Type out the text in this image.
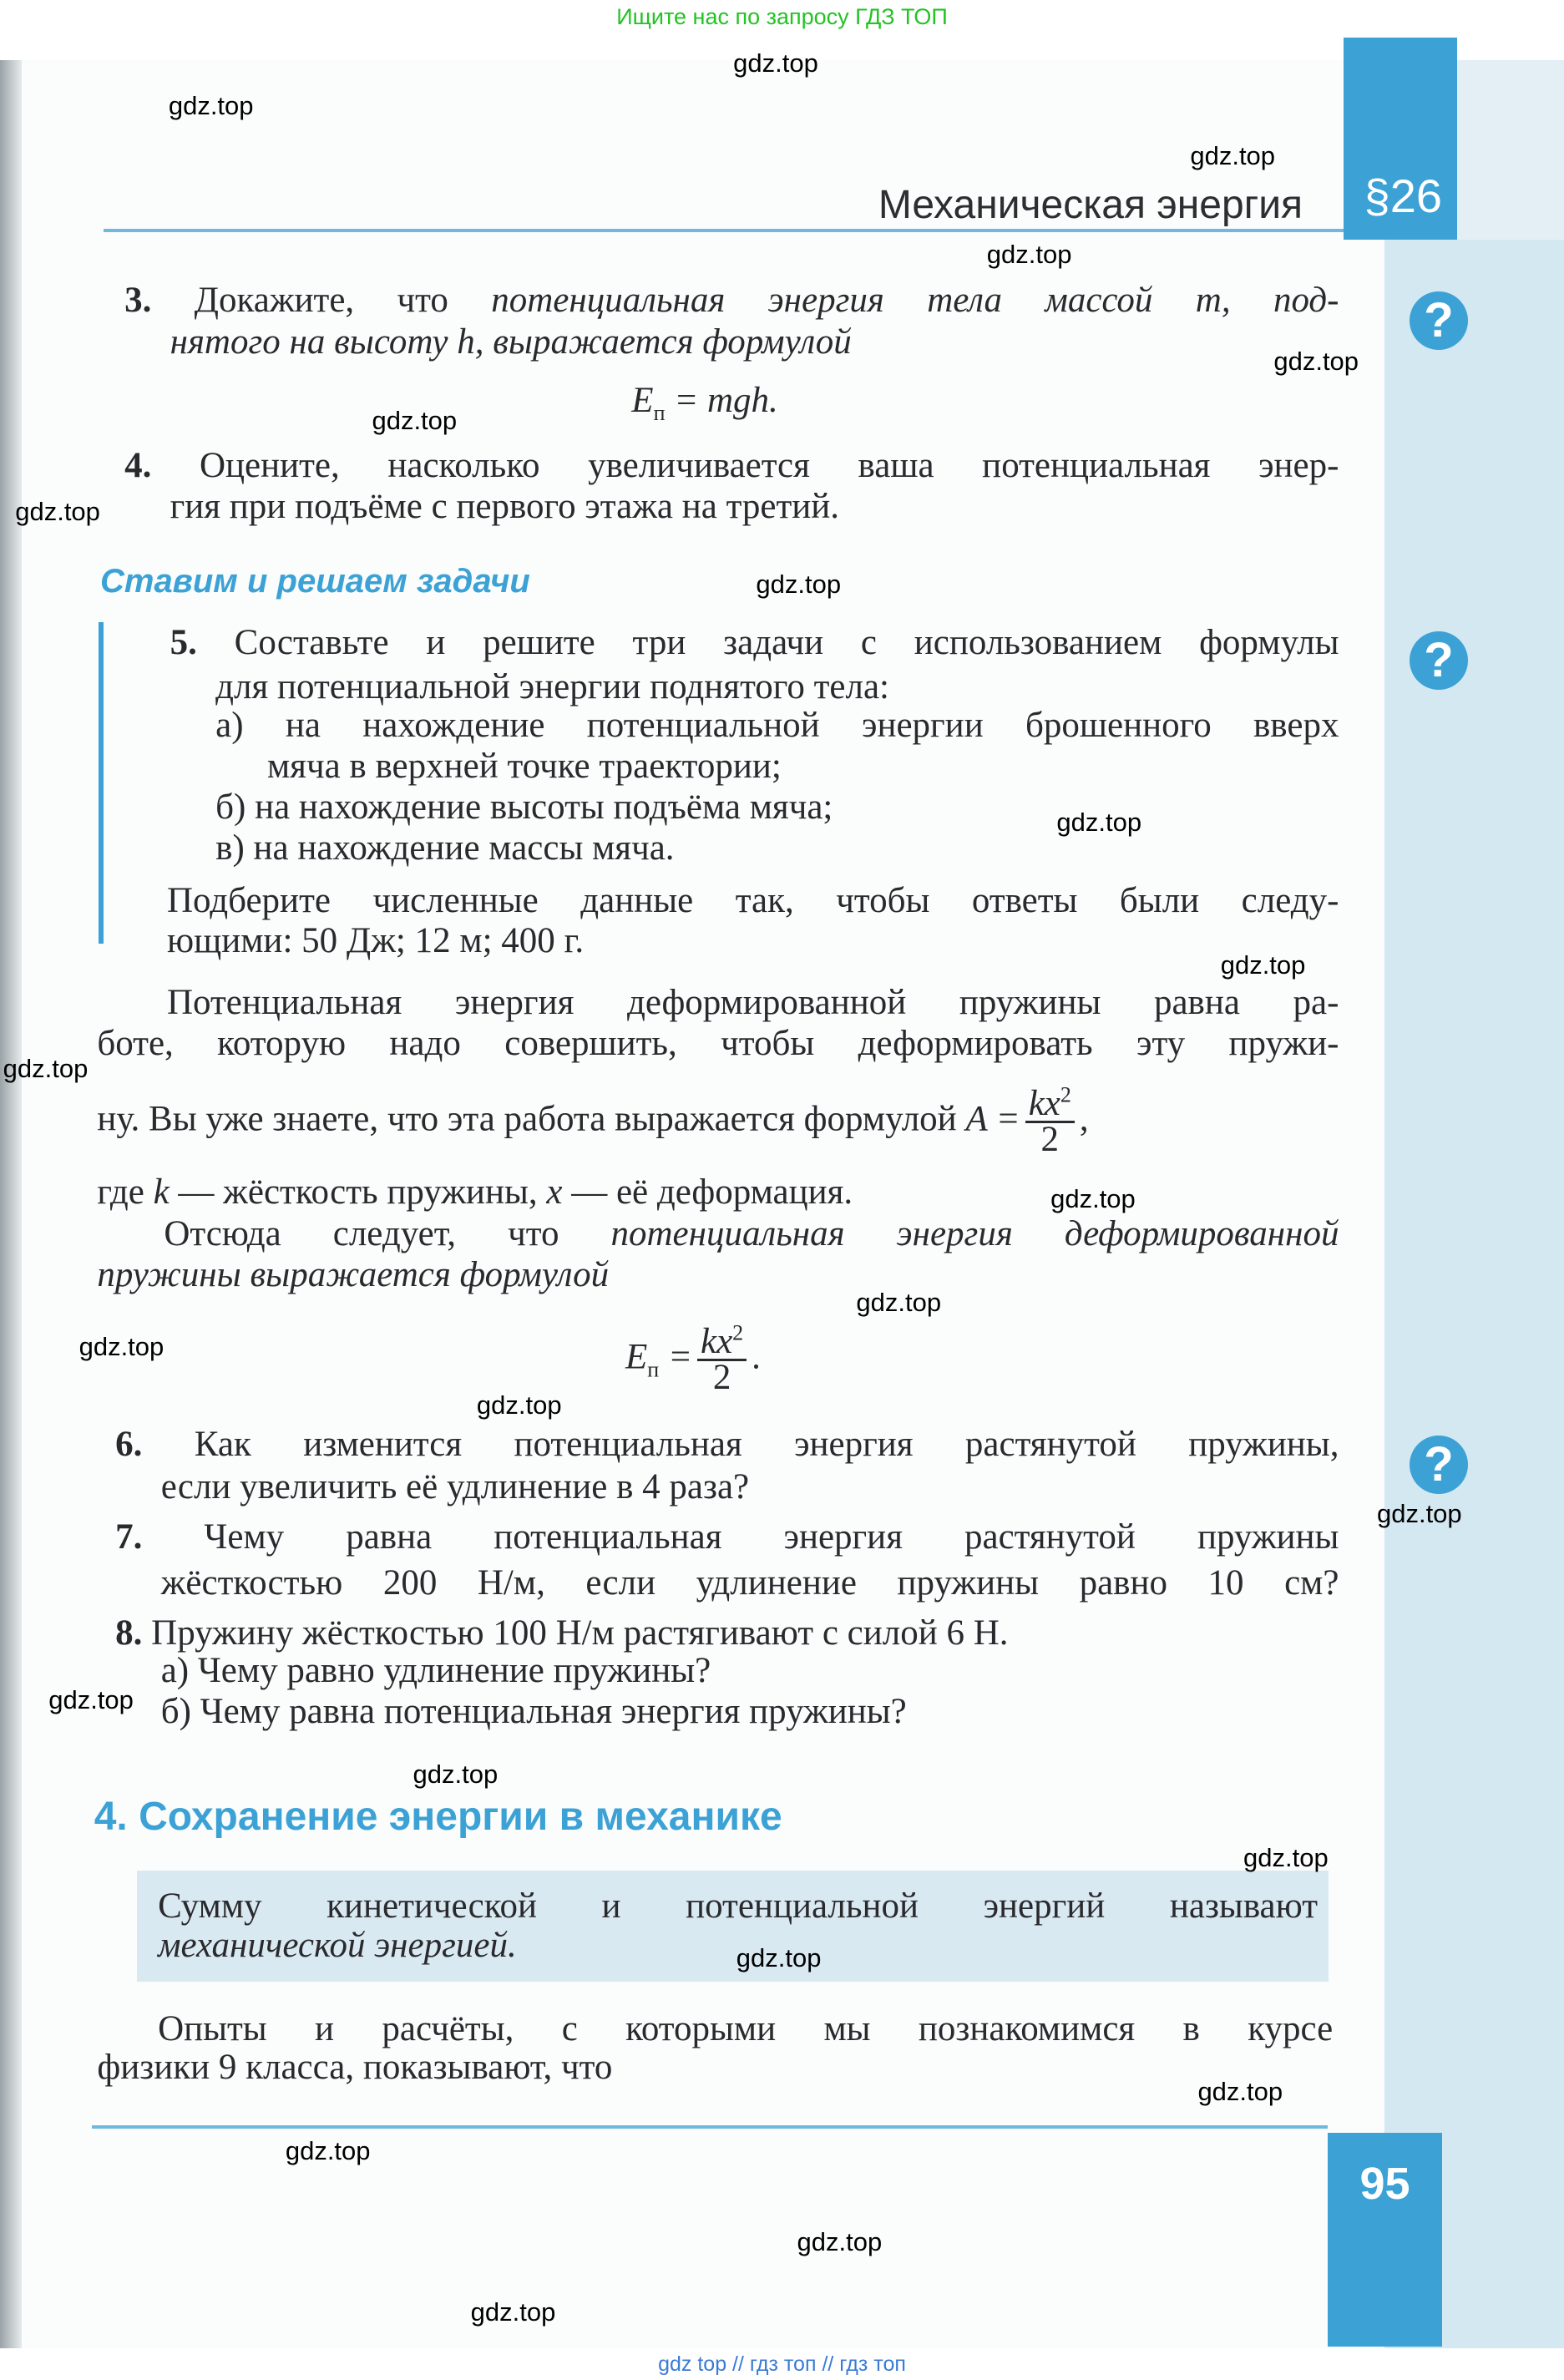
Ищите нас по запросу ГДЗ ТОП
§26
Механическая энергия
?
?
?
3. Докажите, что потенциальная энергия тела массой m, под-
нятого на высоту h, выражается формулой
$E_п$ = mgh.
4. Оцените, насколько увеличивается ваша потенциальная энер-
гия при подъёме с первого этажа на третий.
Ставим и решаем задачи
5. Составьте и решите три задачи с использованием формулы
для потенциальной энергии поднятого тела:
а) на нахождение потенциальной энергии брошенного вверх
мяча в верхней точке траектории;
б) на нахождение высоты подъёма мяча;
в) на нахождение массы мяча.
Подберите численные данные так, чтобы ответы были следу-
ющими: 50 Дж; 12 м; 400 г.
Потенциальная энергия деформированной пружины равна ра-
боте, которую надо совершить, чтобы деформировать эту пружи-
ну. Вы уже знаете, что эта работа выражается формулой $A = \frac{kx^2}{2}$ ,
где k — жёсткость пружины, x — её деформация.
Отсюда следует, что потенциальная энергия деформированной
пружины выражается формулой
$E_п = \frac{kx^2}{2}$ .
6. Как изменится потенциальная энергия растянутой пружины,
если увеличить её удлинение в 4 раза?
7. Чему равна потенциальная энергия растянутой пружины
жёсткостью 200 Н/м, если удлинение пружины равно 10 см?
8. Пружину жёсткостью 100 Н/м растягивают с силой 6 Н.
а) Чему равно удлинение пружины?
б) Чему равна потенциальная энергия пружины?
4. Сохранение энергии в механике
Сумму кинетической и потенциальной энергий называют
механической энергией.
Опыты и расчёты, с которыми мы познакомимся в курсе
физики 9 класса, показывают, что
95
gdz top // гдз топ // гдз топ
gdz.top
gdz.top
gdz.top
gdz.top
gdz.top
gdz.top
gdz.top
gdz.top
gdz.top
gdz.top
gdz.top
gdz.top
gdz.top
gdz.top
gdz.top
gdz.top
gdz.top
gdz.top
gdz.top
gdz.top
gdz.top
gdz.top
gdz.top
gdz.top
